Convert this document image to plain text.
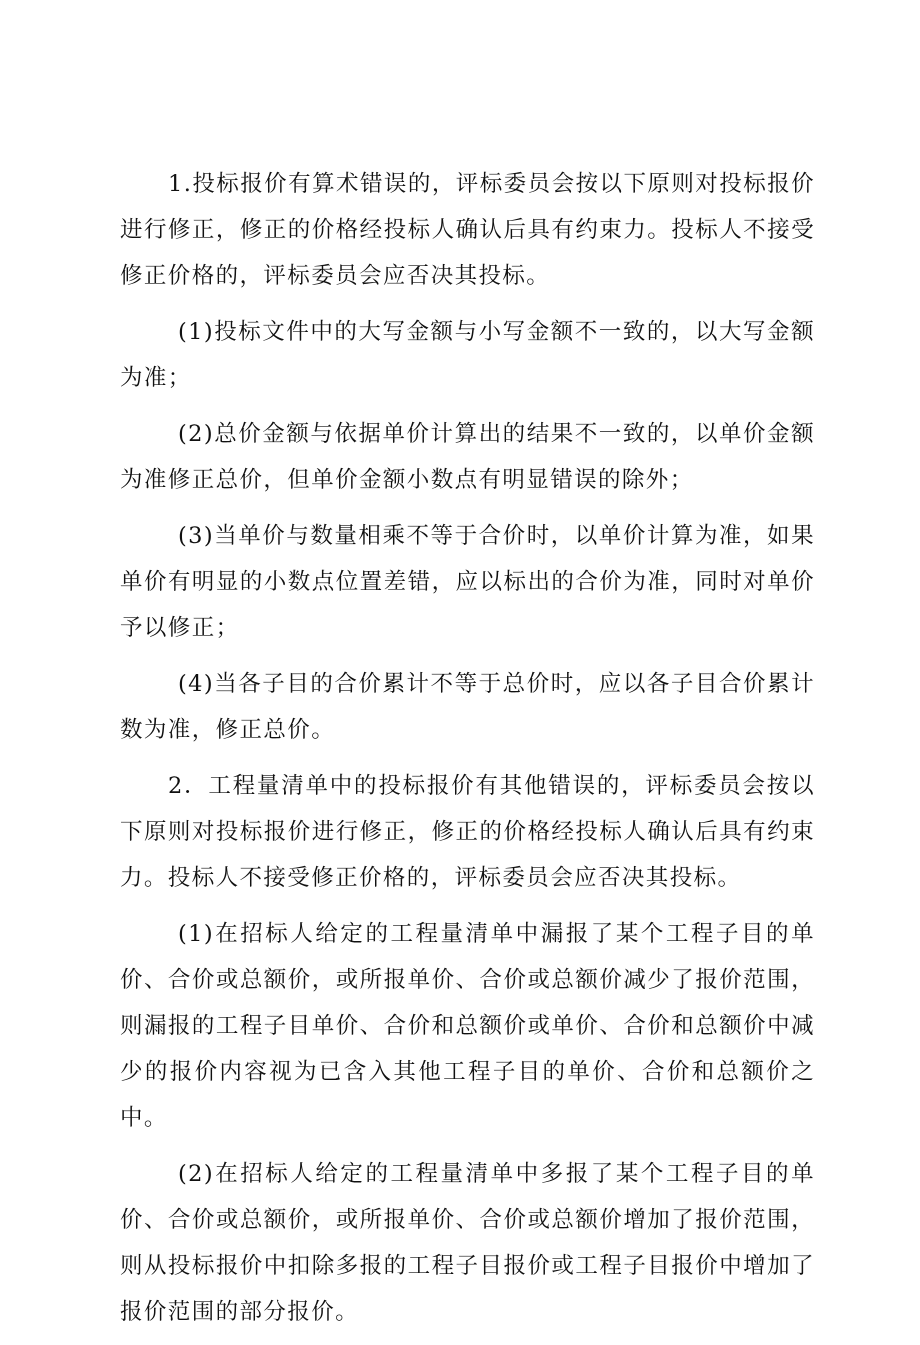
1.投标报价有算术错误的，评标委员会按以下原则对投标报价进行修正，修正的价格经投标人确认后具有约束力。投标人不接受修正价格的，评标委员会应否决其投标。

(1)投标文件中的大写金额与小写金额不一致的，以大写金额为准；

(2)总价金额与依据单价计算出的结果不一致的，以单价金额为准修正总价，但单价金额小数点有明显错误的除外；

(3)当单价与数量相乘不等于合价时，以单价计算为准，如果单价有明显的小数点位置差错，应以标出的合价为准，同时对单价予以修正；

(4)当各子目的合价累计不等于总价时，应以各子目合价累计数为准，修正总价。

2．工程量清单中的投标报价有其他错误的，评标委员会按以下原则对投标报价进行修正，修正的价格经投标人确认后具有约束力。投标人不接受修正价格的，评标委员会应否决其投标。

(1)在招标人给定的工程量清单中漏报了某个工程子目的单价、合价或总额价，或所报单价、合价或总额价减少了报价范围，则漏报的工程子目单价、合价和总额价或单价、合价和总额价中减少的报价内容视为已含入其他工程子目的单价、合价和总额价之中。

(2)在招标人给定的工程量清单中多报了某个工程子目的单价、合价或总额价，或所报单价、合价或总额价增加了报价范围，则从投标报价中扣除多报的工程子目报价或工程子目报价中增加了报价范围的部分报价。
